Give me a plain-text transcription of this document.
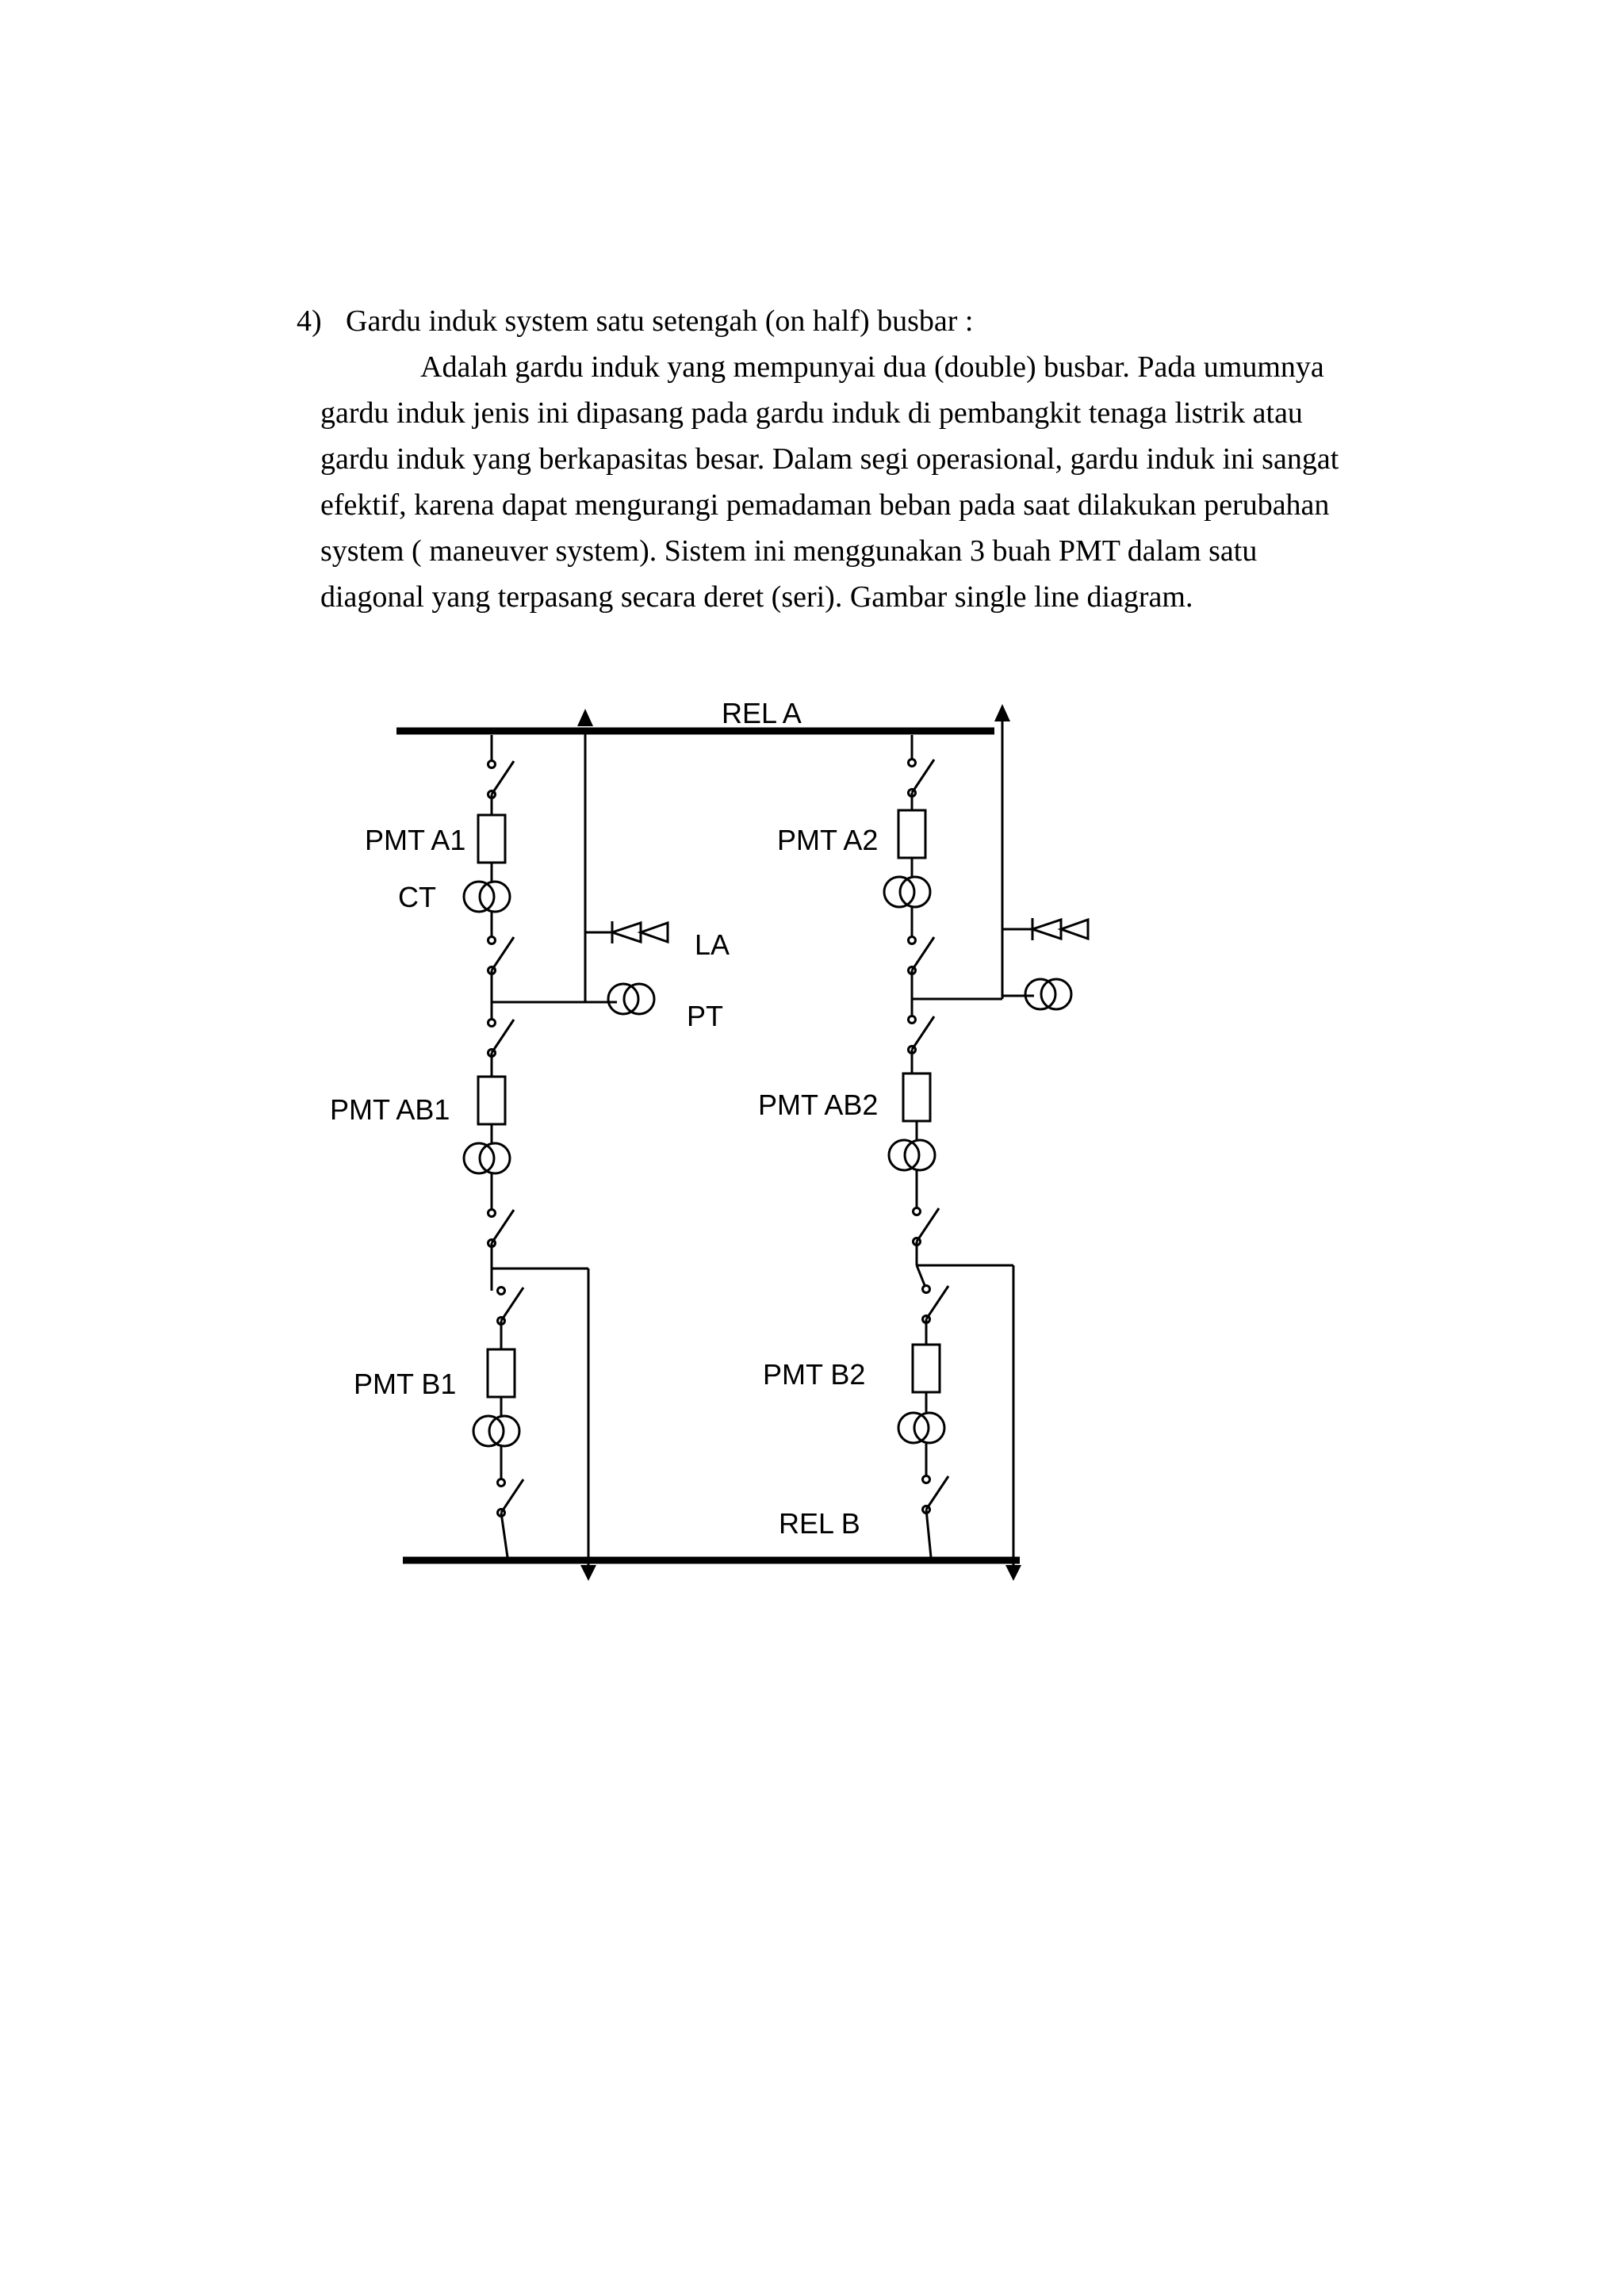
4) Gardu induk system satu setengah (on half) busbar :
Adalah gardu induk yang mempunyai dua (double) busbar. Pada umumnya
gardu induk jenis ini dipasang pada gardu induk di pembangkit tenaga listrik atau
gardu induk yang berkapasitas besar. Dalam segi operasional, gardu induk ini sangat
efektif, karena dapat mengurangi pemadaman beban pada saat dilakukan perubahan
system ( maneuver system). Sistem ini menggunakan 3 buah PMT dalam satu
diagonal yang terpasang secara deret (seri). Gambar single line diagram.
REL A
REL B
PMT A1
CT
LA
PT
PMT AB1
PMT B1
PMT A2
PMT AB2
PMT B2
